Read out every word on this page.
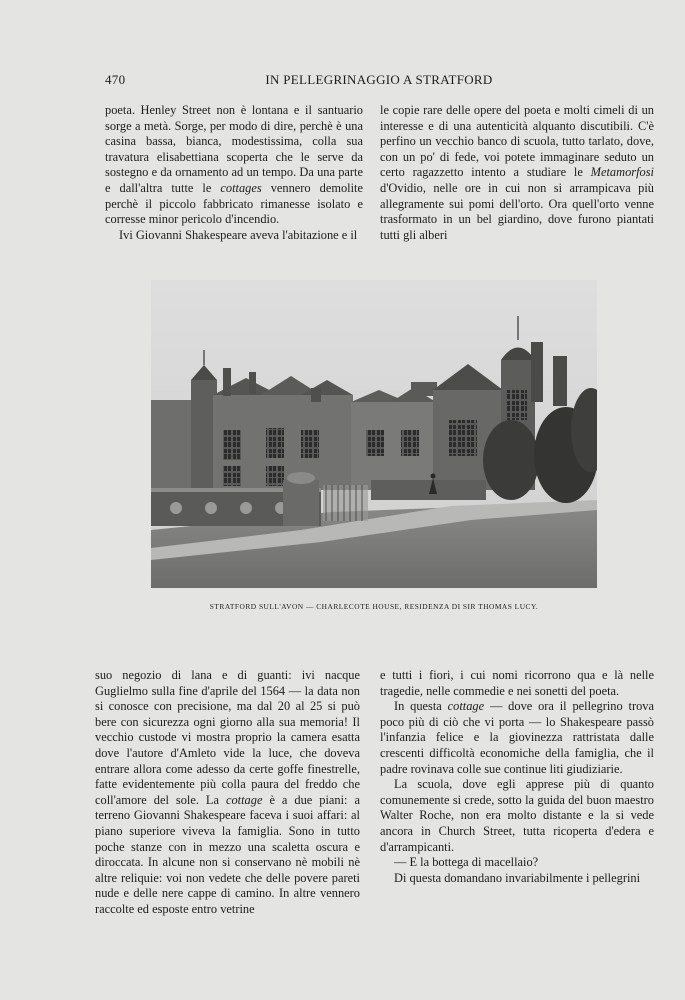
470	IN PELLEGRINAGGIO A STRATFORD

poeta. Henley Street non è lontana e il santuario sorge a metà. Sorge, per modo di dire, perchè è una casina bassa, bianca, modestissima, colla sua travatura elisabettiana scoperta che le serve da sostegno e da ornamento ad un tempo. Da una parte e dall'altra tutte le cottages vennero demolite perchè il piccolo fabbricato rimanesse isolato e corresse minor pericolo d'incendio.

Ivi Giovanni Shakespeare aveva l'abitazione e il

le copie rare delle opere del poeta e molti cimeli di un interesse e di una autenticità alquanto discutibili. C'è perfino un vecchio banco di scuola, tutto tarlato, dove, con un po' di fede, voi potete immaginare seduto un certo ragazzetto intento a studiare le Metamorfosi d'Ovidio, nelle ore in cui non si arrampicava più allegramente sui pomi dell'orto. Ora quell'orto venne trasformato in un bel giardino, dove furono piantati tutti gli alberi

STRATFORD SULL'AVON — CHARLECOTE HOUSE, RESIDENZA DI SIR THOMAS LUCY.

suo negozio di lana e di guanti: ivi nacque Guglielmo sulla fine d'aprile del 1564 — la data non si conosce con precisione, ma dal 20 al 25 si può bere con sicurezza ogni giorno alla sua memoria! Il vecchio custode vi mostra proprio la camera esatta dove l'autore d'Amleto vide la luce, che doveva entrare allora come adesso da certe goffe finestrelle, fatte evidentemente più colla paura del freddo che coll'amore del sole. La cottage è a due piani: a terreno Giovanni Shakespeare faceva i suoi affari: al piano superiore viveva la famiglia. Sono in tutto poche stanze con in mezzo una scaletta oscura e diroccata. In alcune non si conservano nè mobili nè altre reliquie: voi non vedete che delle povere pareti nude e delle nere cappe di camino. In altre vennero raccolte ed esposte entro vetrine

e tutti i fiori, i cui nomi ricorrono qua e là nelle tragedie, nelle commedie e nei sonetti del poeta.

In questa cottage — dove ora il pellegrino trova poco più di ciò che vi porta — lo Shakespeare passò l'infanzia felice e la giovinezza rattristata dalle crescenti difficoltà economiche della famiglia, che il padre rovinava colle sue continue liti giudiziarie.

La scuola, dove egli apprese più di quanto comunemente si crede, sotto la guida del buon maestro Walter Roche, non era molto distante e la si vede ancora in Church Street, tutta ricoperta d'edera e d'arrampicanti.

— E la bottega di macellaio?

Di questa domandano invariabilmente i pellegrini
